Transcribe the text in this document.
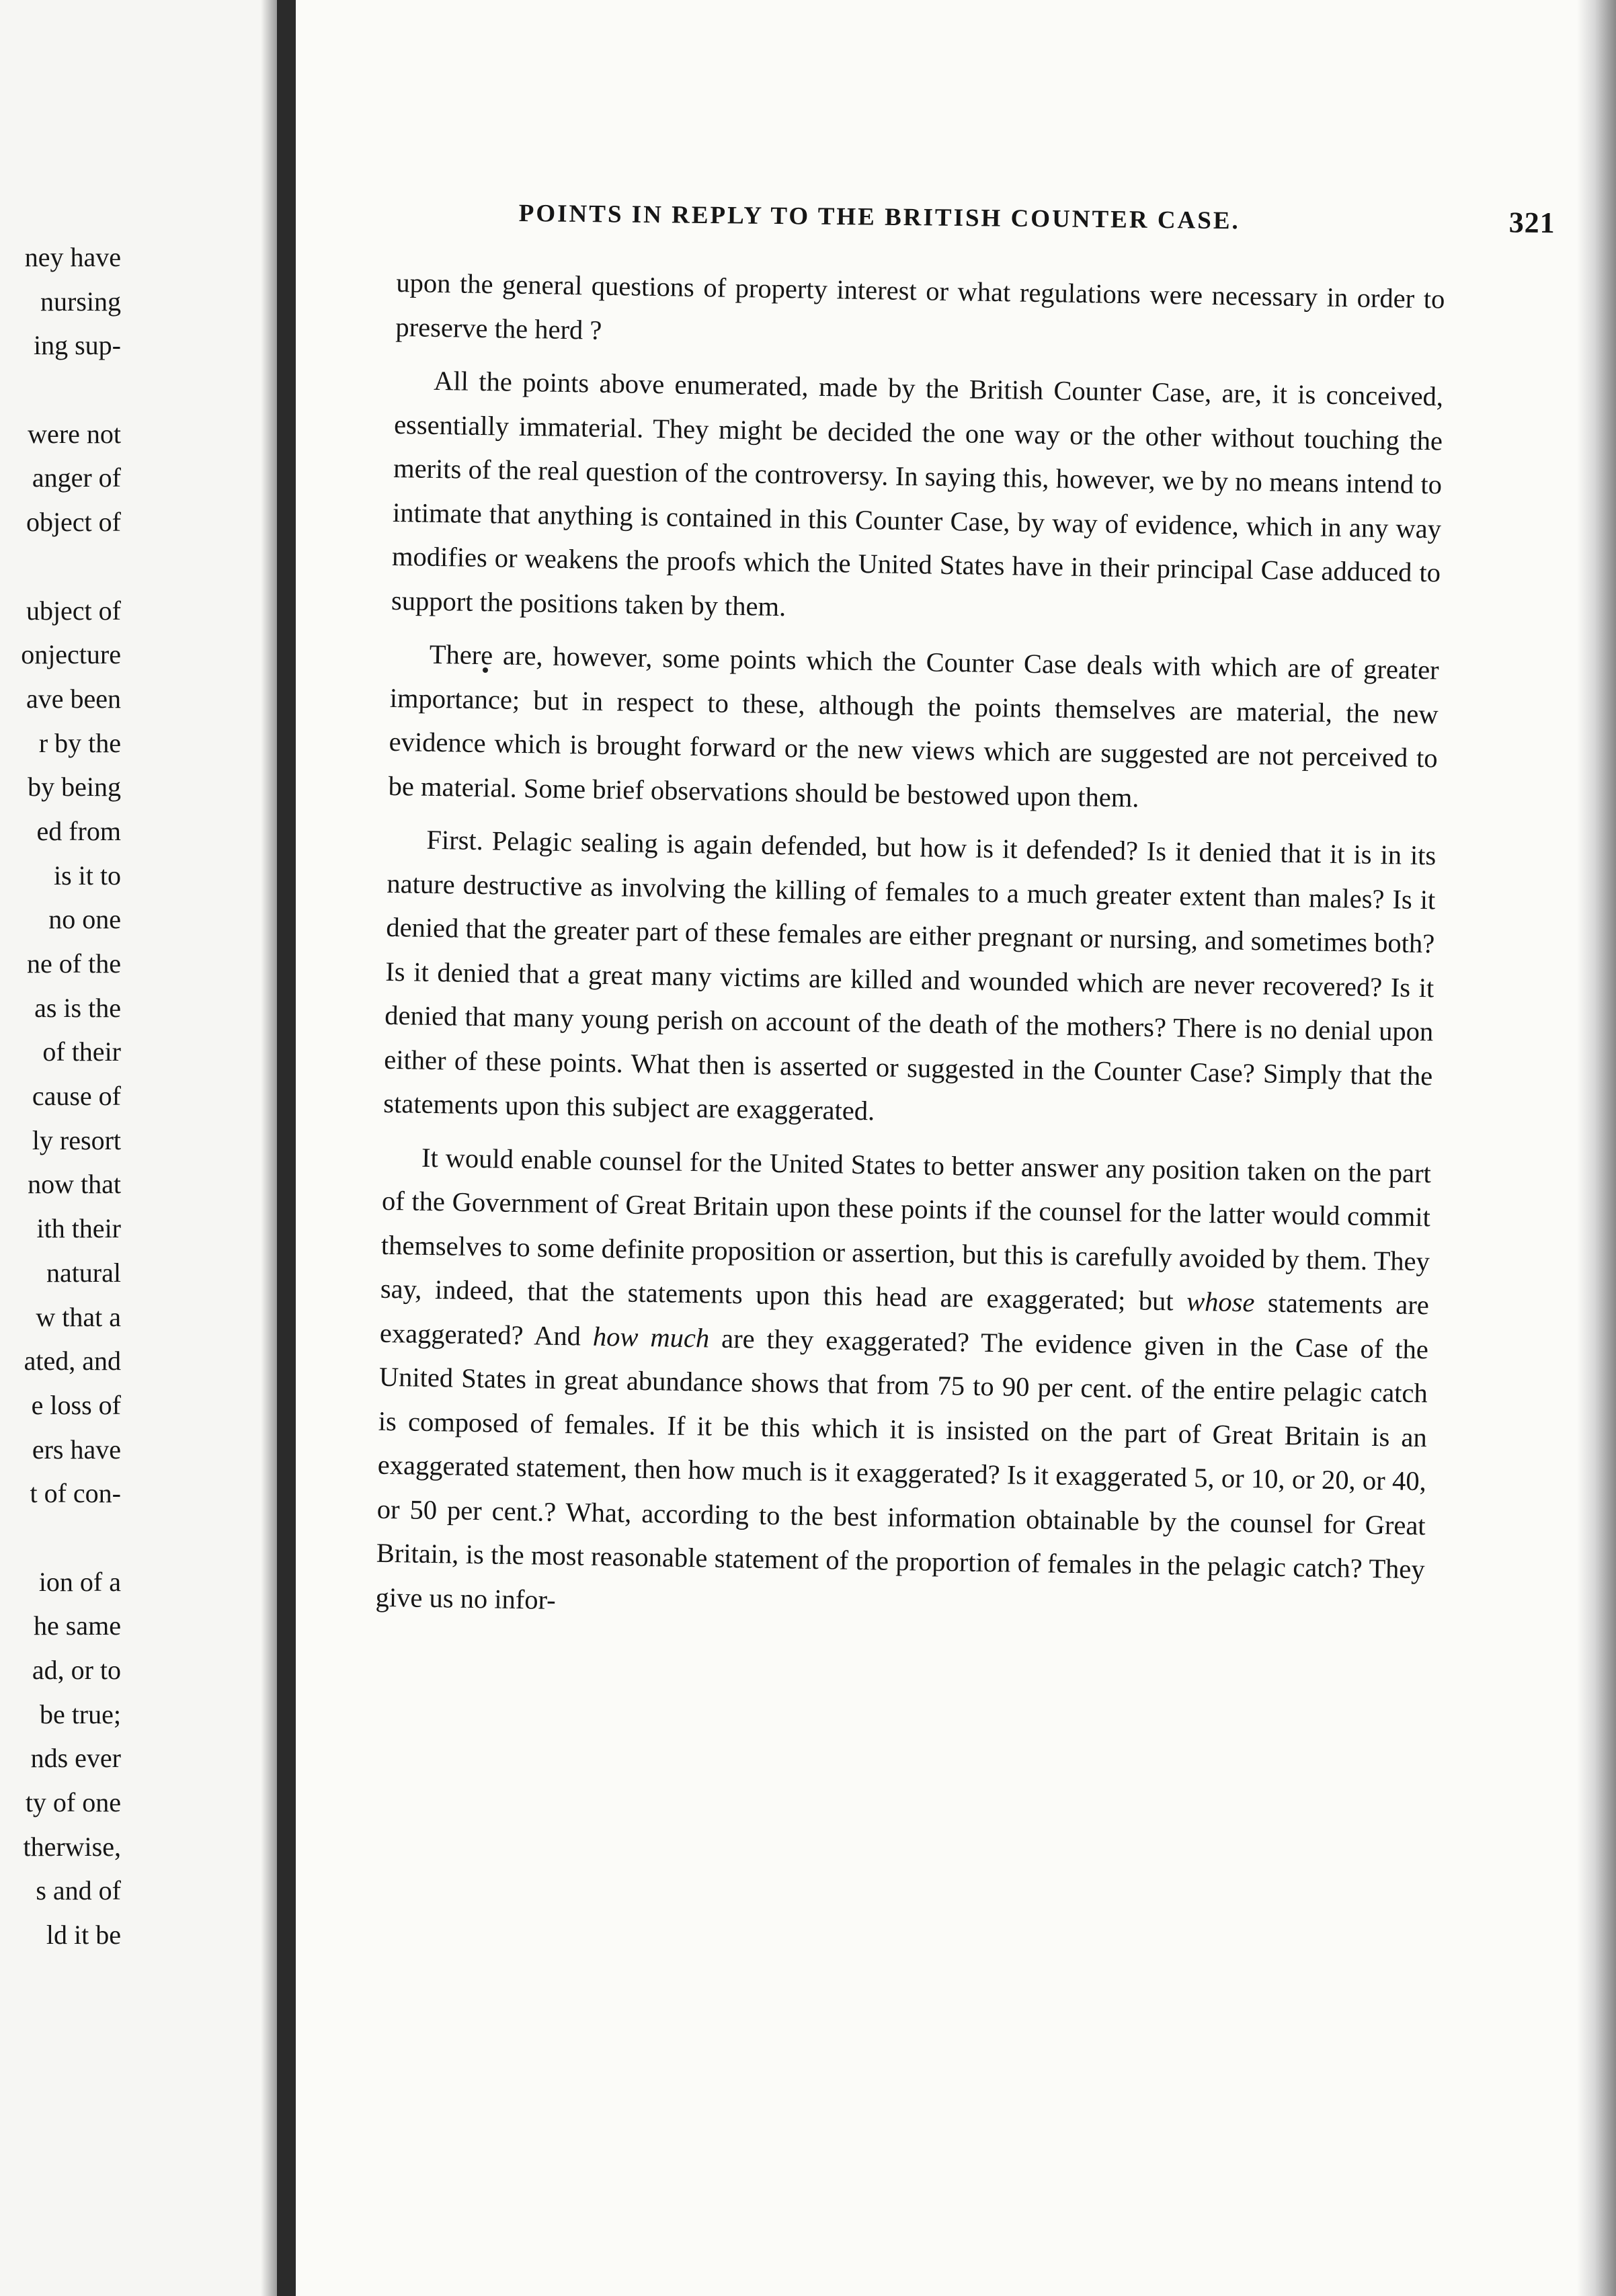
ney have
nursing
ing sup-
were not
anger of
object of
ubject of
onjecture
ave been
r by the
by being
ed from
is it to
no one
ne of the
as is the
of their
cause of
ly resort
now that
ith their
natural
w that a
ated, and
e loss of
ers have
t of con-
ion of a
he same
ad, or to
be true;
nds ever
ty of one
therwise,
s and of
ld it be
POINTS IN REPLY TO THE BRITISH COUNTER CASE.	321

upon the general questions of property interest or what regulations were necessary in order to preserve the herd ?

All the points above enumerated, made by the British Counter Case, are, it is conceived, essentially immaterial. They might be decided the one way or the other without touching the merits of the real question of the controversy. In saying this, however, we by no means intend to intimate that anything is contained in this Counter Case, by way of evidence, which in any way modifies or weakens the proofs which the United States have in their principal Case adduced to support the positions taken by them.

There are, however, some points which the Counter Case deals with which are of greater importance; but in respect to these, although the points themselves are material, the new evidence which is brought forward or the new views which are suggested are not perceived to be material. Some brief observations should be bestowed upon them.

First. Pelagic sealing is again defended, but how is it defended? Is it denied that it is in its nature destructive as involving the killing of females to a much greater extent than males? Is it denied that the greater part of these females are either pregnant or nursing, and sometimes both? Is it denied that a great many victims are killed and wounded which are never recovered? Is it denied that many young perish on account of the death of the mothers? There is no denial upon either of these points. What then is asserted or suggested in the Counter Case? Simply that the statements upon this subject are exaggerated.

It would enable counsel for the United States to better answer any position taken on the part of the Government of Great Britain upon these points if the counsel for the latter would commit themselves to some definite proposition or assertion, but this is carefully avoided by them. They say, indeed, that the statements upon this head are exaggerated; but whose statements are exaggerated? And how much are they exaggerated? The evidence given in the Case of the United States in great abundance shows that from 75 to 90 per cent. of the entire pelagic catch is composed of females. If it be this which it is insisted on the part of Great Britain is an exaggerated statement, then how much is it exaggerated? Is it exaggerated 5, or 10, or 20, or 40, or 50 per cent.? What, according to the best information obtainable by the counsel for Great Britain, is the most reasonable statement of the proportion of females in the pelagic catch? They give us no infor-
